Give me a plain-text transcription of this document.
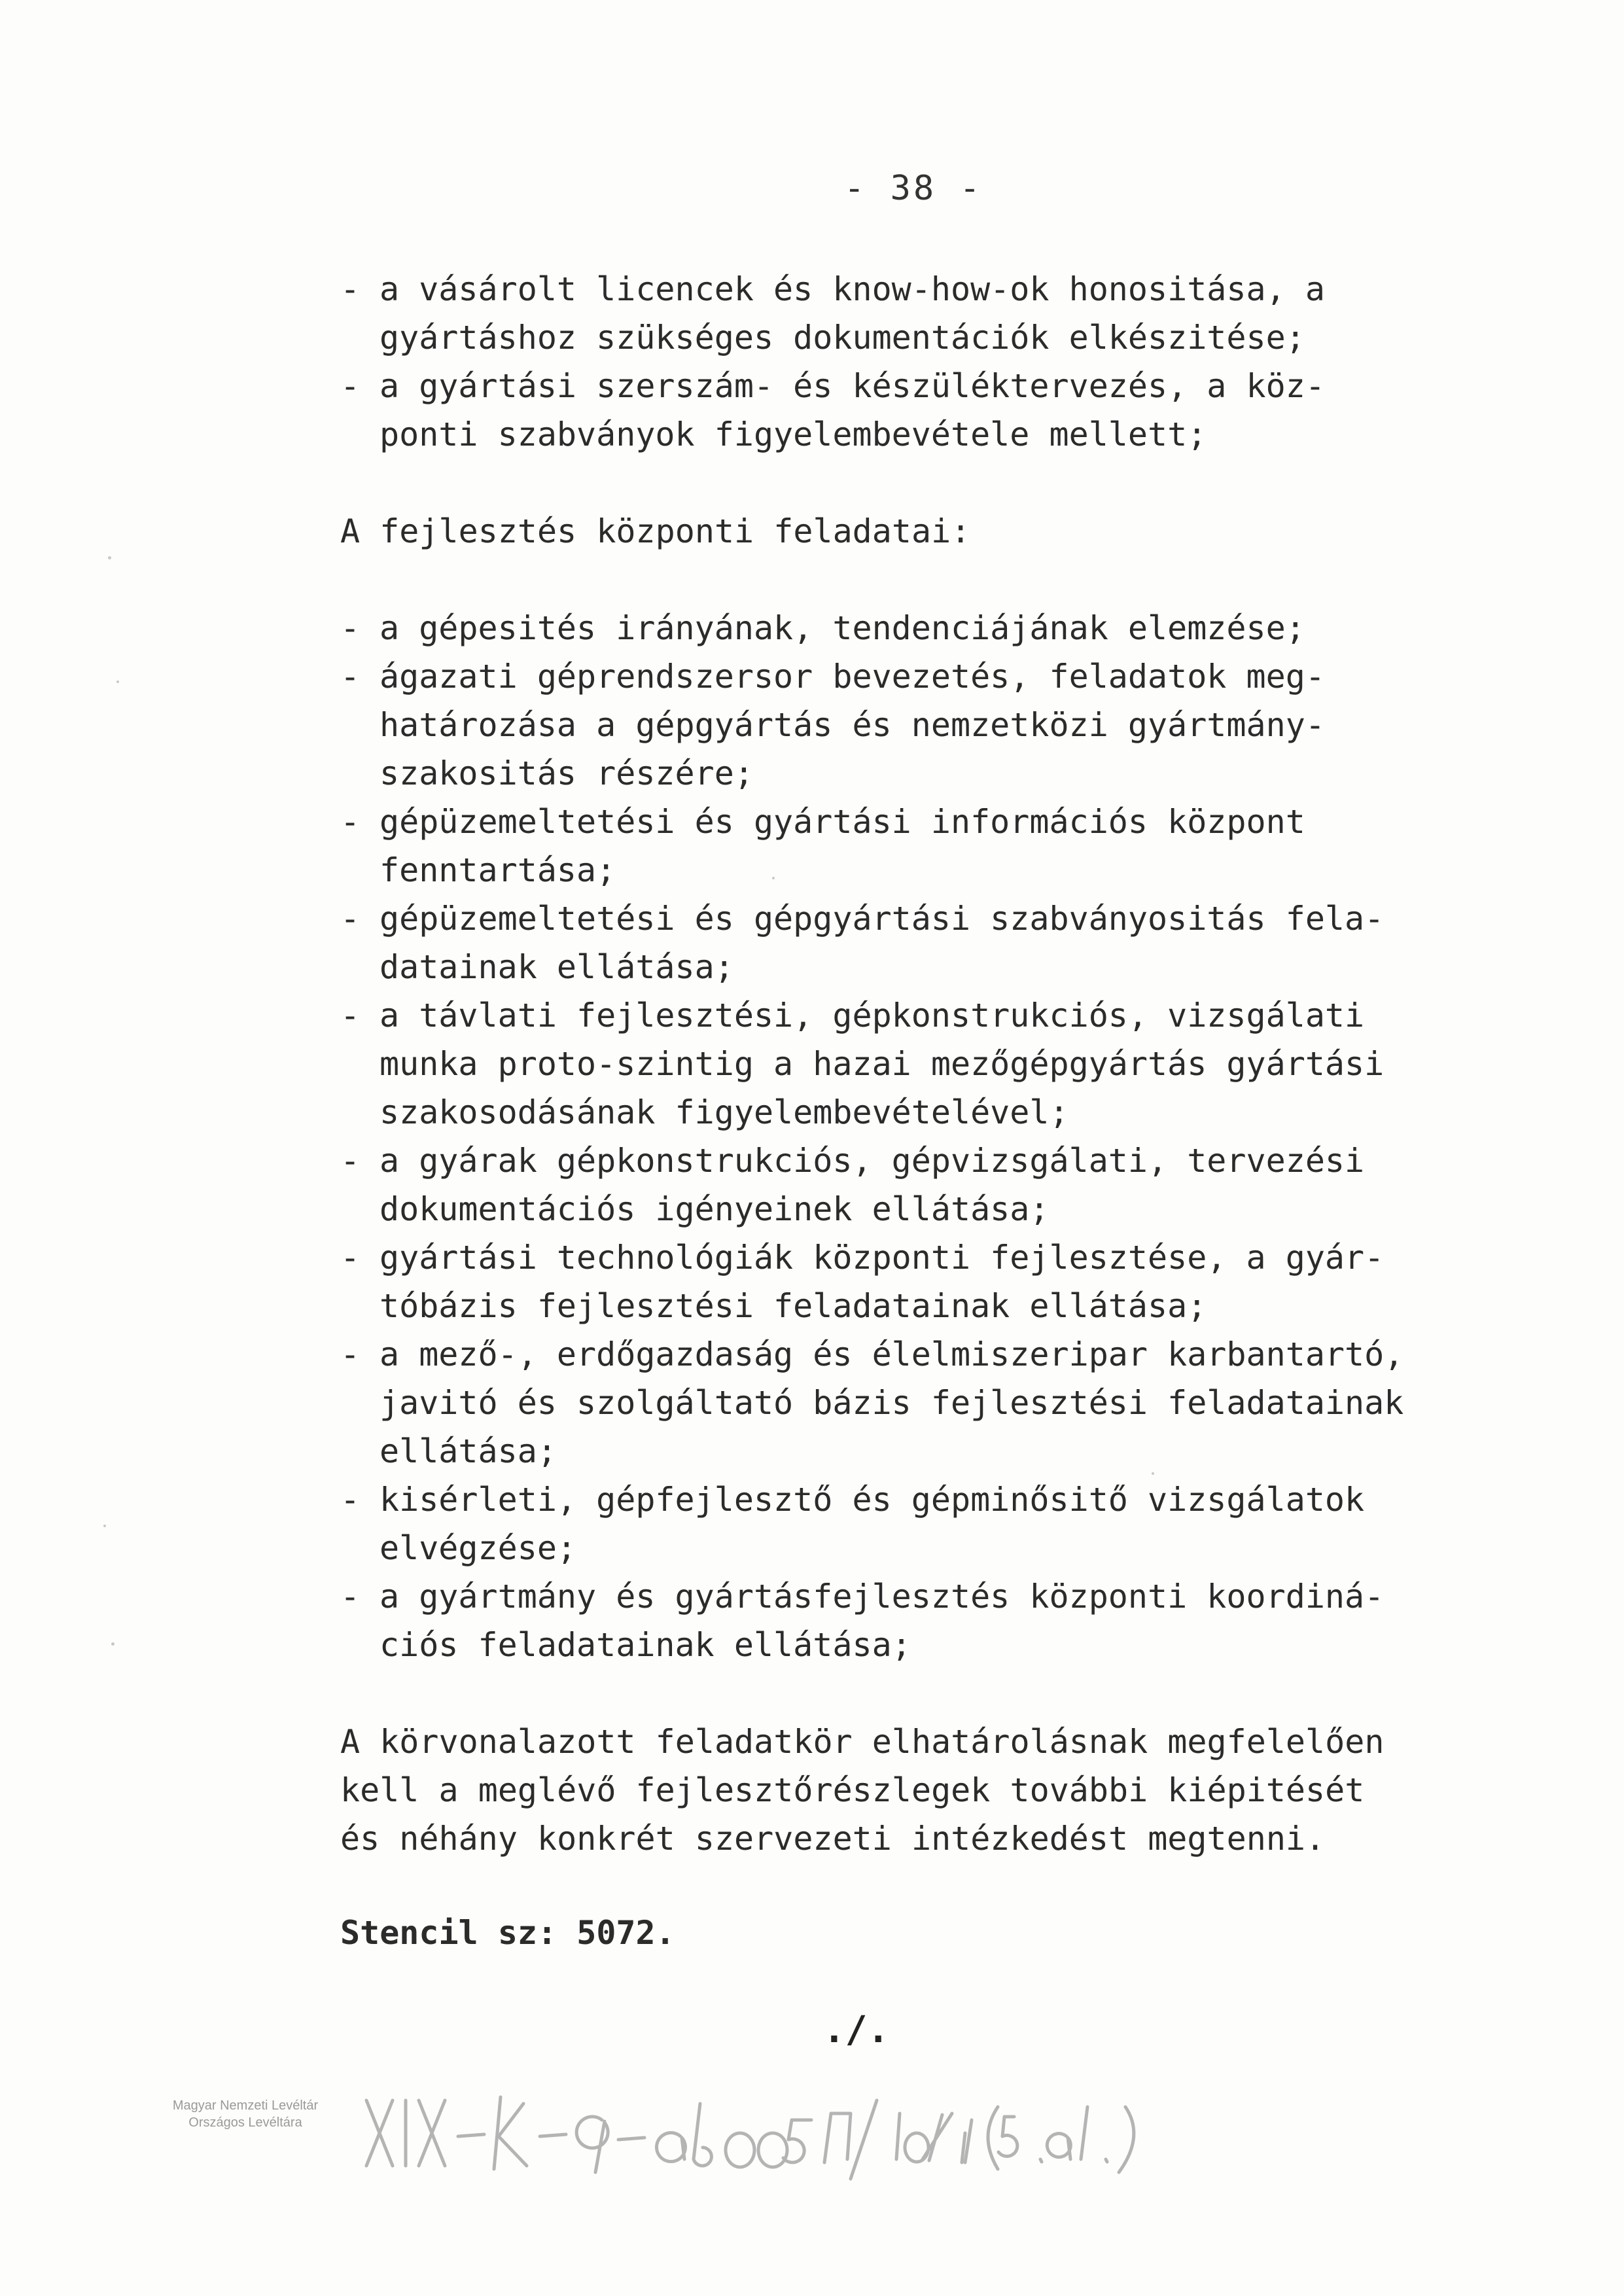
- 38 -
- a vásárolt licencek és know-how-ok honositása, a
gyártáshoz szükséges dokumentációk elkészitése;
- a gyártási szerszám- és készüléktervezés, a köz-
ponti szabványok figyelembevétele mellett;
A fejlesztés központi feladatai:
- a gépesités irányának, tendenciájának elemzése;
- ágazati géprendszersor bevezetés, feladatok meg-
határozása a gépgyártás és nemzetközi gyártmány-
szakositás részére;
- gépüzemeltetési és gyártási információs központ
fenntartása;
- gépüzemeltetési és gépgyártási szabványositás fela-
datainak ellátása;
- a távlati fejlesztési, gépkonstrukciós, vizsgálati
munka proto-szintig a hazai mezőgépgyártás gyártási
szakosodásának figyelembevételével;
- a gyárak gépkonstrukciós, gépvizsgálati, tervezési
dokumentációs igényeinek ellátása;
- gyártási technológiák központi fejlesztése, a gyár-
tóbázis fejlesztési feladatainak ellátása;
- a mező-, erdőgazdaság és élelmiszeripar karbantartó,
javitó és szolgáltató bázis fejlesztési feladatainak
ellátása;
- kisérleti, gépfejlesztő és gépminősitő vizsgálatok
elvégzése;
- a gyártmány és gyártásfejlesztés központi koordiná-
ciós feladatainak ellátása;
A körvonalazott feladatkör elhatárolásnak megfelelően
kell a meglévő fejlesztőrészlegek további kiépitését
és néhány konkrét szervezeti intézkedést megtenni.
Stencil sz: 5072.
./.
Magyar Nemzeti Levéltár
Országos Levéltára
